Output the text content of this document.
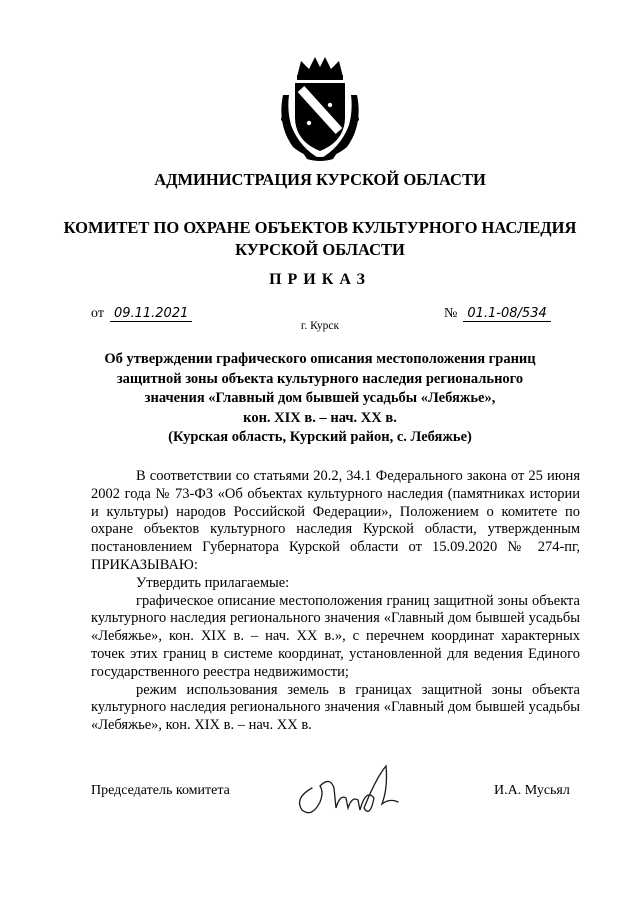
АДМИНИСТРАЦИЯ КУРСКОЙ ОБЛАСТИ
КОМИТЕТ ПО ОХРАНЕ ОБЪЕКТОВ КУЛЬТУРНОГО НАСЛЕДИЯ
КУРСКОЙ ОБЛАСТИ
ПРИКАЗ
от 09.11.2021	№ 01.1-08/534
г. Курск
Об утверждении графического описания местоположения границ
защитной зоны объекта культурного наследия регионального
значения «Главный дом бывшей усадьбы «Лебяжье»,
кон. XIX в. – нач. XX в.
(Курская область, Курский район, с. Лебяжье)

В соответствии со статьями 20.2, 34.1 Федерального закона от 25 июня 2002 года № 73-ФЗ «Об объектах культурного наследия (памятниках истории и культуры) народов Российской Федерации», Положением о комитете по охране объектов культурного наследия Курской области, утвержденным постановлением Губернатора Курской области от 15.09.2020 № 274-пг, ПРИКАЗЫВАЮ:

Утвердить прилагаемые:

графическое описание местоположения границ защитной зоны объекта культурного наследия регионального значения «Главный дом бывшей усадьбы «Лебяжье», кон. XIX в. – нач. XX в.», с перечнем координат характерных точек этих границ в системе координат, установленной для ведения Единого государственного реестра недвижимости;

режим использования земель в границах защитной зоны объекта культурного наследия регионального значения «Главный дом бывшей усадьбы «Лебяжье», кон. XIX в. – нач. XX в.

Председатель комитета	И.А. Мусьял
